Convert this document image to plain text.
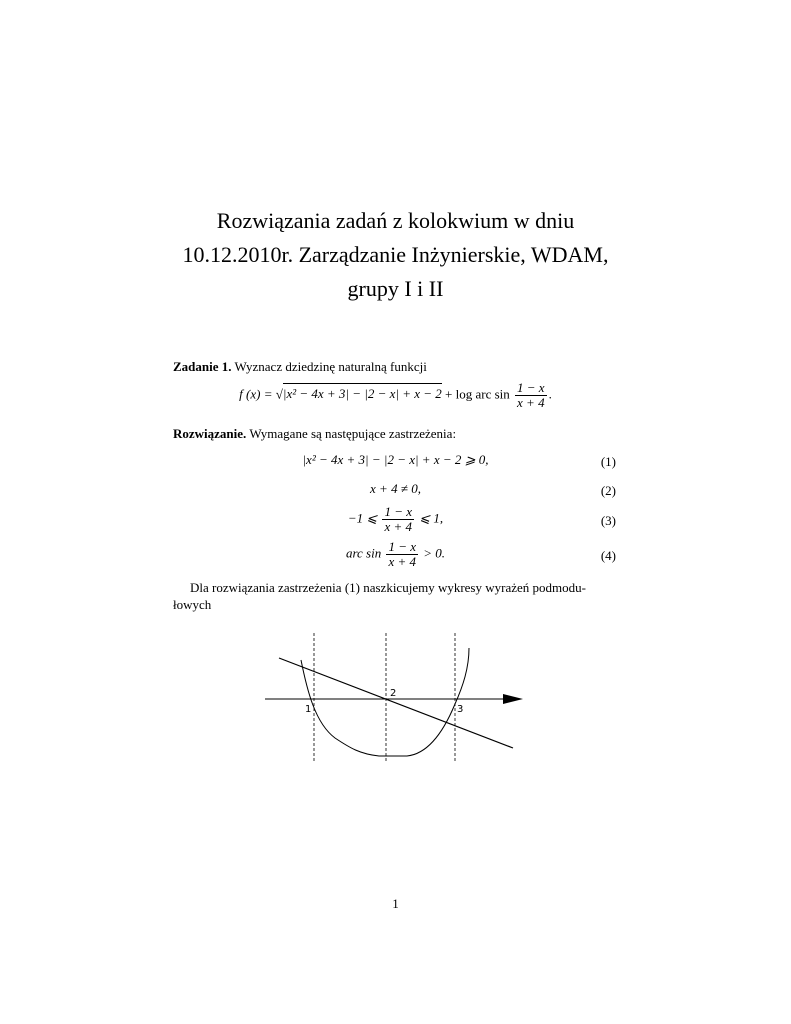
Rozwiązania zadań z kolokwium w dniu
10.12.2010r. Zarządzanie Inżynierskie, WDAM,
grupy I i II
Zadanie 1. Wyznacz dziedzinę naturalną funkcji
f (x) = √|x² − 4x + 3| − |2 − x| + x − 2 + log arc $\sin \frac{1 - x}{x + 4}$ .
Rozwiązanie. Wymagane są następujące zastrzeżenia:
|x² − 4x + 3| − |2 − x| + x − 2 ⩾ 0,	(1)
x + 4 ≠ 0,	(2)
−1 ⩽ $\frac{1 - x}{x + 4}$ ⩽ 1,	(3)
arc $\sin \frac{1 - x}{x + 4} > 0$.	(4)
Dla rozwiązania zastrzeżenia (1) naszkicujemy wykresy wyrażeń podmodu-
łowych
1
2
3
1
